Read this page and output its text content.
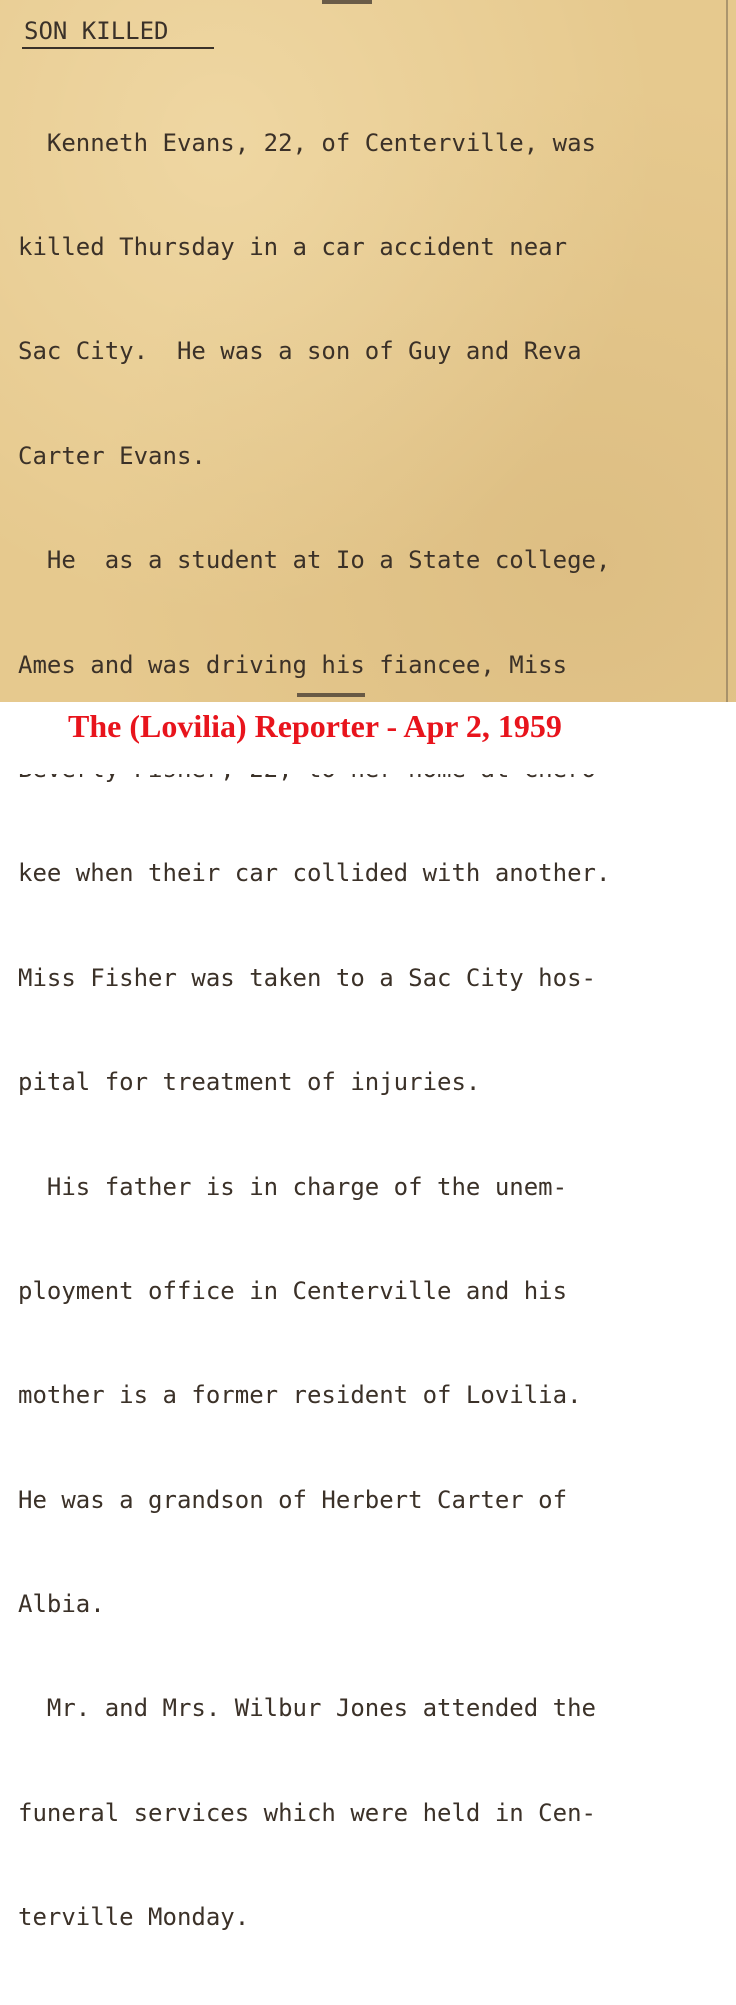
SON KILLED

Kenneth Evans, 22, of Centerville, was

killed Thursday in a car accident near

Sac City.  He was a son of Guy and Reva

Carter Evans.

He  as a student at Io a State college,

Ames and was driving his fiancee, Miss

kee when their car collided with another.

Miss Fisher was taken to a Sac City hos-

pital for treatment of injuries.

His father is in charge of the unem-

ployment office in Centerville and his

mother is a former resident of Lovilia.

He was a grandson of Herbert Carter of

Albia.

Mr. and Mrs. Wilbur Jones attended the

funeral services which were held in Cen-

terville Monday.

The (Lovilia) Reporter - Apr 2, 1959
